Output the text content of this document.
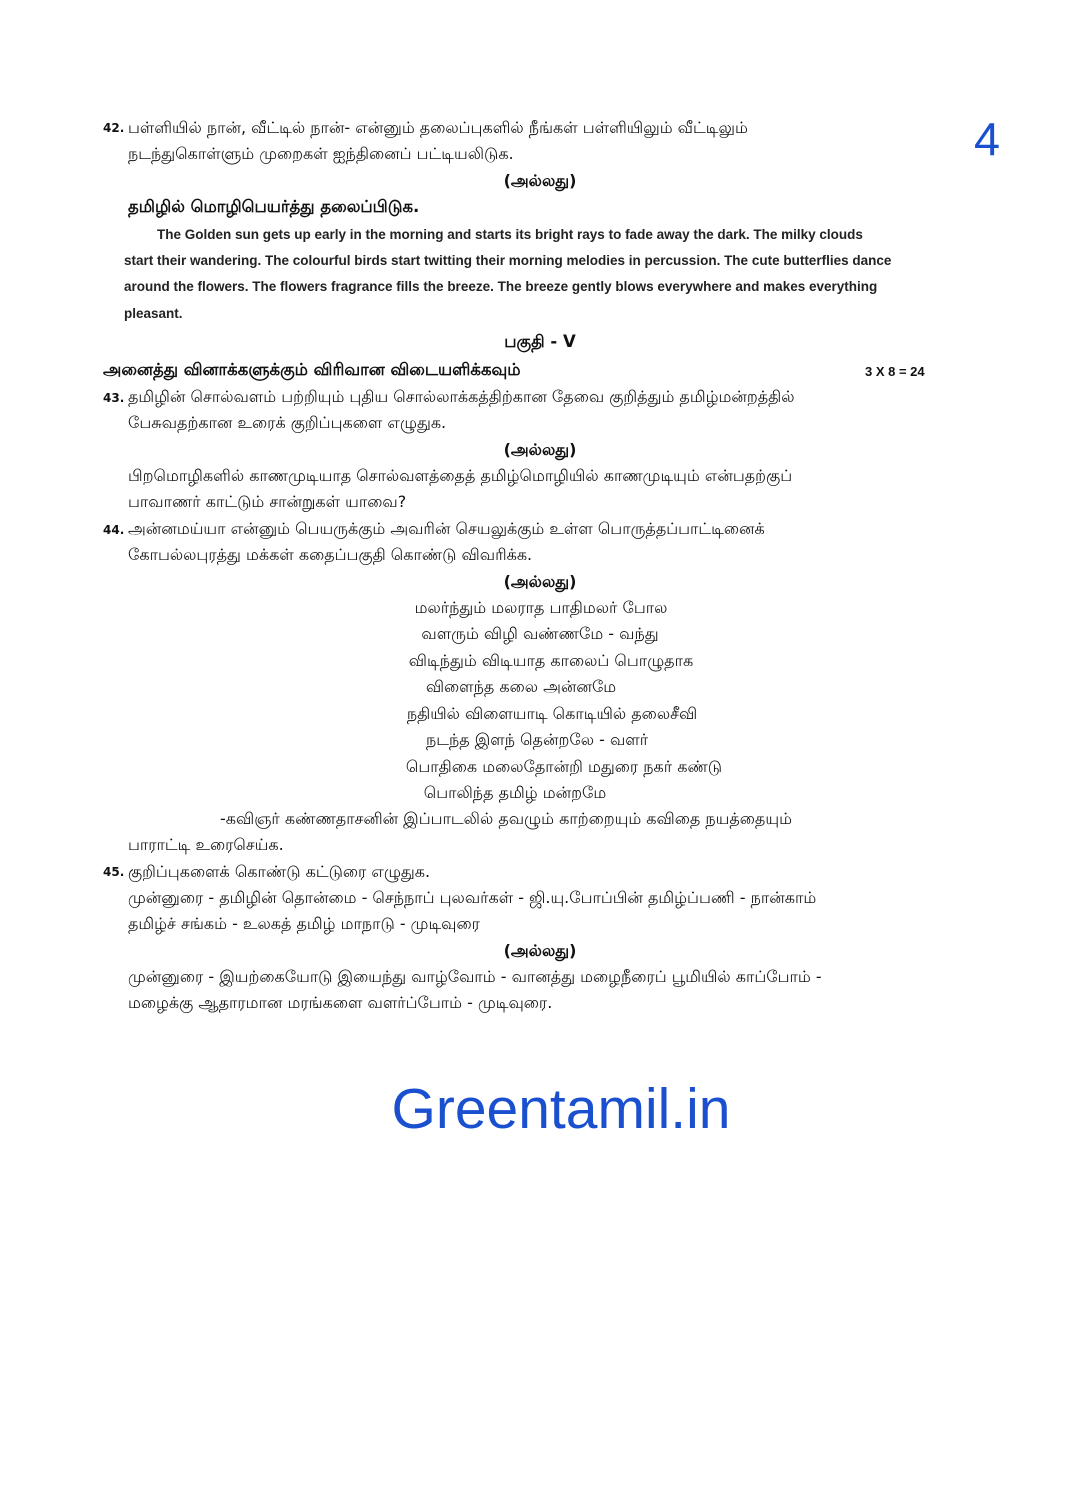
4
42. பள்ளியில் நான், வீட்டில் நான்- என்னும் தலைப்புகளில் நீங்கள் பள்ளியிலும் வீட்டிலும்
நடந்துகொள்ளும் முறைகள் ஐந்தினைப் பட்டியலிடுக.
(அல்லது)
தமிழில் மொழிபெயர்த்து தலைப்பிடுக.
The Golden sun gets up early in the morning and starts its bright rays to fade away the dark. The milky clouds
start their wandering. The colourful birds start twitting their morning melodies in percussion. The cute butterflies dance
around the flowers. The flowers fragrance fills the breeze. The breeze gently blows everywhere and makes everything
pleasant.
பகுதி - V
அனைத்து வினாக்களுக்கும் விரிவான விடையளிக்கவும்	3 X 8 = 24
43. தமிழின் சொல்வளம் பற்றியும் புதிய சொல்லாக்கத்திற்கான தேவை குறித்தும் தமிழ்மன்றத்தில்
பேசுவதற்கான உரைக் குறிப்புகளை எழுதுக.
(அல்லது)
பிறமொழிகளில் காணமுடியாத சொல்வளத்தைத் தமிழ்மொழியில் காணமுடியும் என்பதற்குப்
பாவாணர் காட்டும் சான்றுகள் யாவை?
44. அன்னமய்யா என்னும் பெயருக்கும் அவரின் செயலுக்கும் உள்ள பொருத்தப்பாட்டினைக்
கோபல்லபுரத்து மக்கள் கதைப்பகுதி கொண்டு விவரிக்க.
(அல்லது)
மலர்ந்தும் மலராத பாதிமலர் போல
வளரும் விழி வண்ணமே - வந்து
விடிந்தும் விடியாத காலைப் பொழுதாக
விளைந்த கலை அன்னமே
நதியில் விளையாடி கொடியில் தலைசீவி
நடந்த இளந் தென்றலே - வளர்
பொதிகை மலைதோன்றி மதுரை நகர் கண்டு
பொலிந்த தமிழ் மன்றமே
-கவிஞர் கண்ணதாசனின் இப்பாடலில் தவழும் காற்றையும் கவிதை நயத்தையும்
பாராட்டி உரைசெய்க.
45. குறிப்புகளைக் கொண்டு கட்டுரை எழுதுக.
முன்னுரை - தமிழின் தொன்மை - செந்நாப் புலவர்கள் - ஜி.யு.போப்பின் தமிழ்ப்பணி - நான்காம்
தமிழ்ச் சங்கம் - உலகத் தமிழ் மாநாடு - முடிவுரை
(அல்லது)
முன்னுரை - இயற்கையோடு இயைந்து வாழ்வோம் - வானத்து மழைநீரைப் பூமியில் காப்போம் -
மழைக்கு ஆதாரமான மரங்களை வளர்ப்போம் - முடிவுரை.
Greentamil.in
